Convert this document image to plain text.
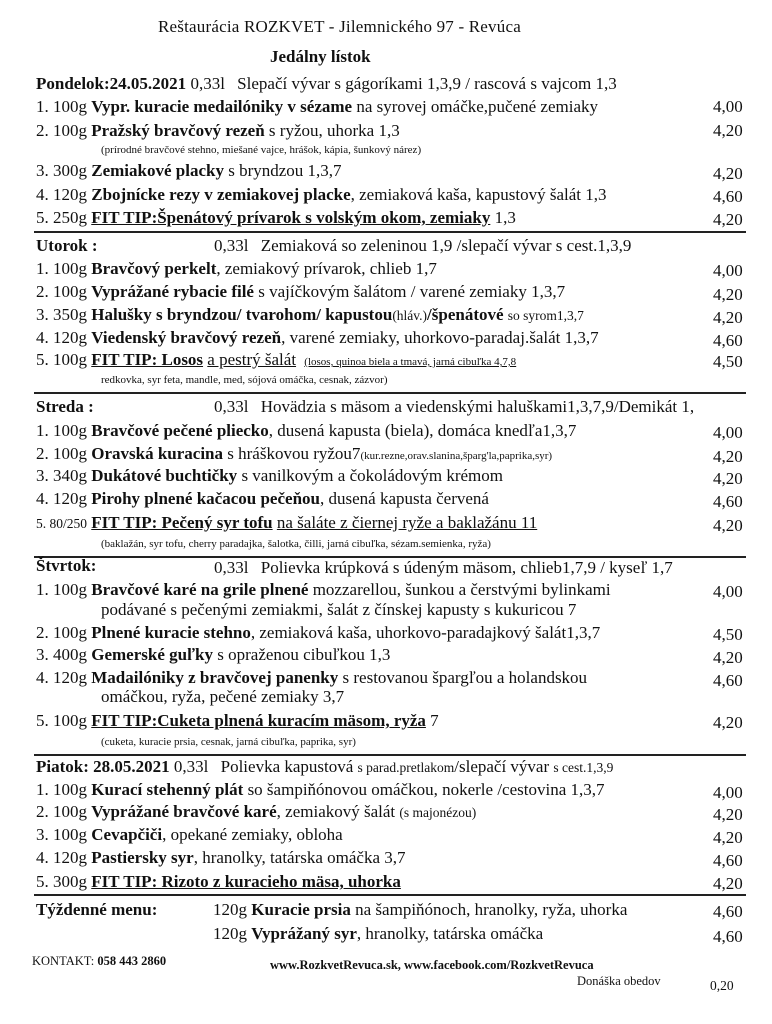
Reštaurácia ROZKVET - Jilemnického 97 - Revúca
Jedálny lístok
Pondelok:24.05.2021 0,33l Slepačí vývar s gágoríkami 1,3,9 / rascová s vajcom 1,3
1. 100g Vypr. kuracie medailóniky v sézame na syrovej omáčke,pučené zemiaky	4,00
2. 100g Pražský bravčový rezeň s ryžou, uhorka 1,3	4,20
(prírodné bravčové stehno, miešané vajce, hrášok, kápia, šunkový nárez)
3. 300g Zemiakové placky s bryndzou 1,3,7	4,20
4. 120g Zbojnícke rezy v zemiakovej placke, zemiaková kaša, kapustový šalát 1,3	4,60
5. 250g FIT TIP:Špenátový prívarok s volským okom, zemiaky 1,3	4,20
Utorok :	0,33l Zemiaková so zeleninou 1,9 /slepačí vývar s cest.1,3,9
1. 100g Bravčový perkelt, zemiakový prívarok, chlieb 1,7	4,00
2. 100g Vyprážané rybacie filé s vajíčkovým šalátom / varené zemiaky 1,3,7	4,20
3. 350g Halušky s bryndzou/ tvarohom/ kapustou(hláv.)/špenátové so syrom1,3,7	4,20
4. 120g Viedenský bravčový rezeň, varené zemiaky, uhorkovo-paradaj.šalát 1,3,7	4,60
5. 100g FIT TIP: Losos a pestrý šalát (losos, quinoa biela a tmavá, jarná cibuľka 4,7,8	4,50
redkovka, syr feta, mandle, med, sójová omáčka, cesnak, zázvor)
Streda :	0,33l Hovädzia s mäsom a viedenskými haluškami1,3,7,9/Demikát 1,
1. 100g Bravčové pečené pliecko, dusená kapusta (biela), domáca knedľa1,3,7	4,00
2. 100g Oravská kuracina s hráškovou ryžou7(kur.rezne,orav.slanina,šparg'la,paprika,syr)	4,20
3. 340g Dukátové buchtičky s vanilkovým a čokoládovým krémom	4,20
4. 120g Pirohy plnené kačacou pečeňou, dusená kapusta červená	4,60
5. 80/250 FIT TIP: Pečený syr tofu na šaláte z čiernej ryže a baklažánu 11	4,20
(baklažán, syr tofu, cherry paradajka, šalotka, čilli, jarná cibuľka, sézam.semienka, ryža)
Štvrtok:	0,33l Polievka krúpková s údeným mäsom, chlieb1,7,9 / kyseľ 1,7
1. 100g Bravčové karé na grile plnené mozzarellou, šunkou a čerstvými bylinkami	4,00
podávané s pečenými zemiakmi, šalát z čínskej kapusty s kukuricou 7
2. 100g Plnené kuracie stehno, zemiaková kaša, uhorkovo-paradajkový šalát1,3,7	4,50
3. 400g Gemerské guľky s opraženou cibuľkou 1,3	4,20
4. 120g Madailóniky z bravčovej panenky s restovanou špargľou a holandskou	4,60
omáčkou, ryža, pečené zemiaky 3,7
5. 100g FIT TIP:Cuketa plnená kuracím mäsom, ryža 7	4,20
(cuketa, kuracie prsia, cesnak, jarná cibuľka, paprika, syr)
Piatok: 28.05.2021 0,33l Polievka kapustová s parad.pretlakom/slepačí vývar s cest.1,3,9
1. 100g Kurací stehenný plát so šampiňónovou omáčkou, nokerle /cestovina 1,3,7	4,00
2. 100g Vyprážané bravčové karé, zemiakový šalát (s majonézou)	4,20
3. 100g Cevapčiči, opekané zemiaky, obloha	4,20
4. 120g Pastiersky syr, hranolky, tatárska omáčka 3,7	4,60
5. 300g FIT TIP: Rizoto z kuracieho mäsa, uhorka	4,20
Týždenné menu:	120g Kuracie prsia na šampiňónoch, hranolky, ryža, uhorka	4,60
120g Vyprážaný syr, hranolky, tatárska omáčka	4,60
KONTAKT: 058 443 2860	www.RozkvetRevuca.sk, www.facebook.com/RozkvetRevuca
Donáška obedov	0,20
